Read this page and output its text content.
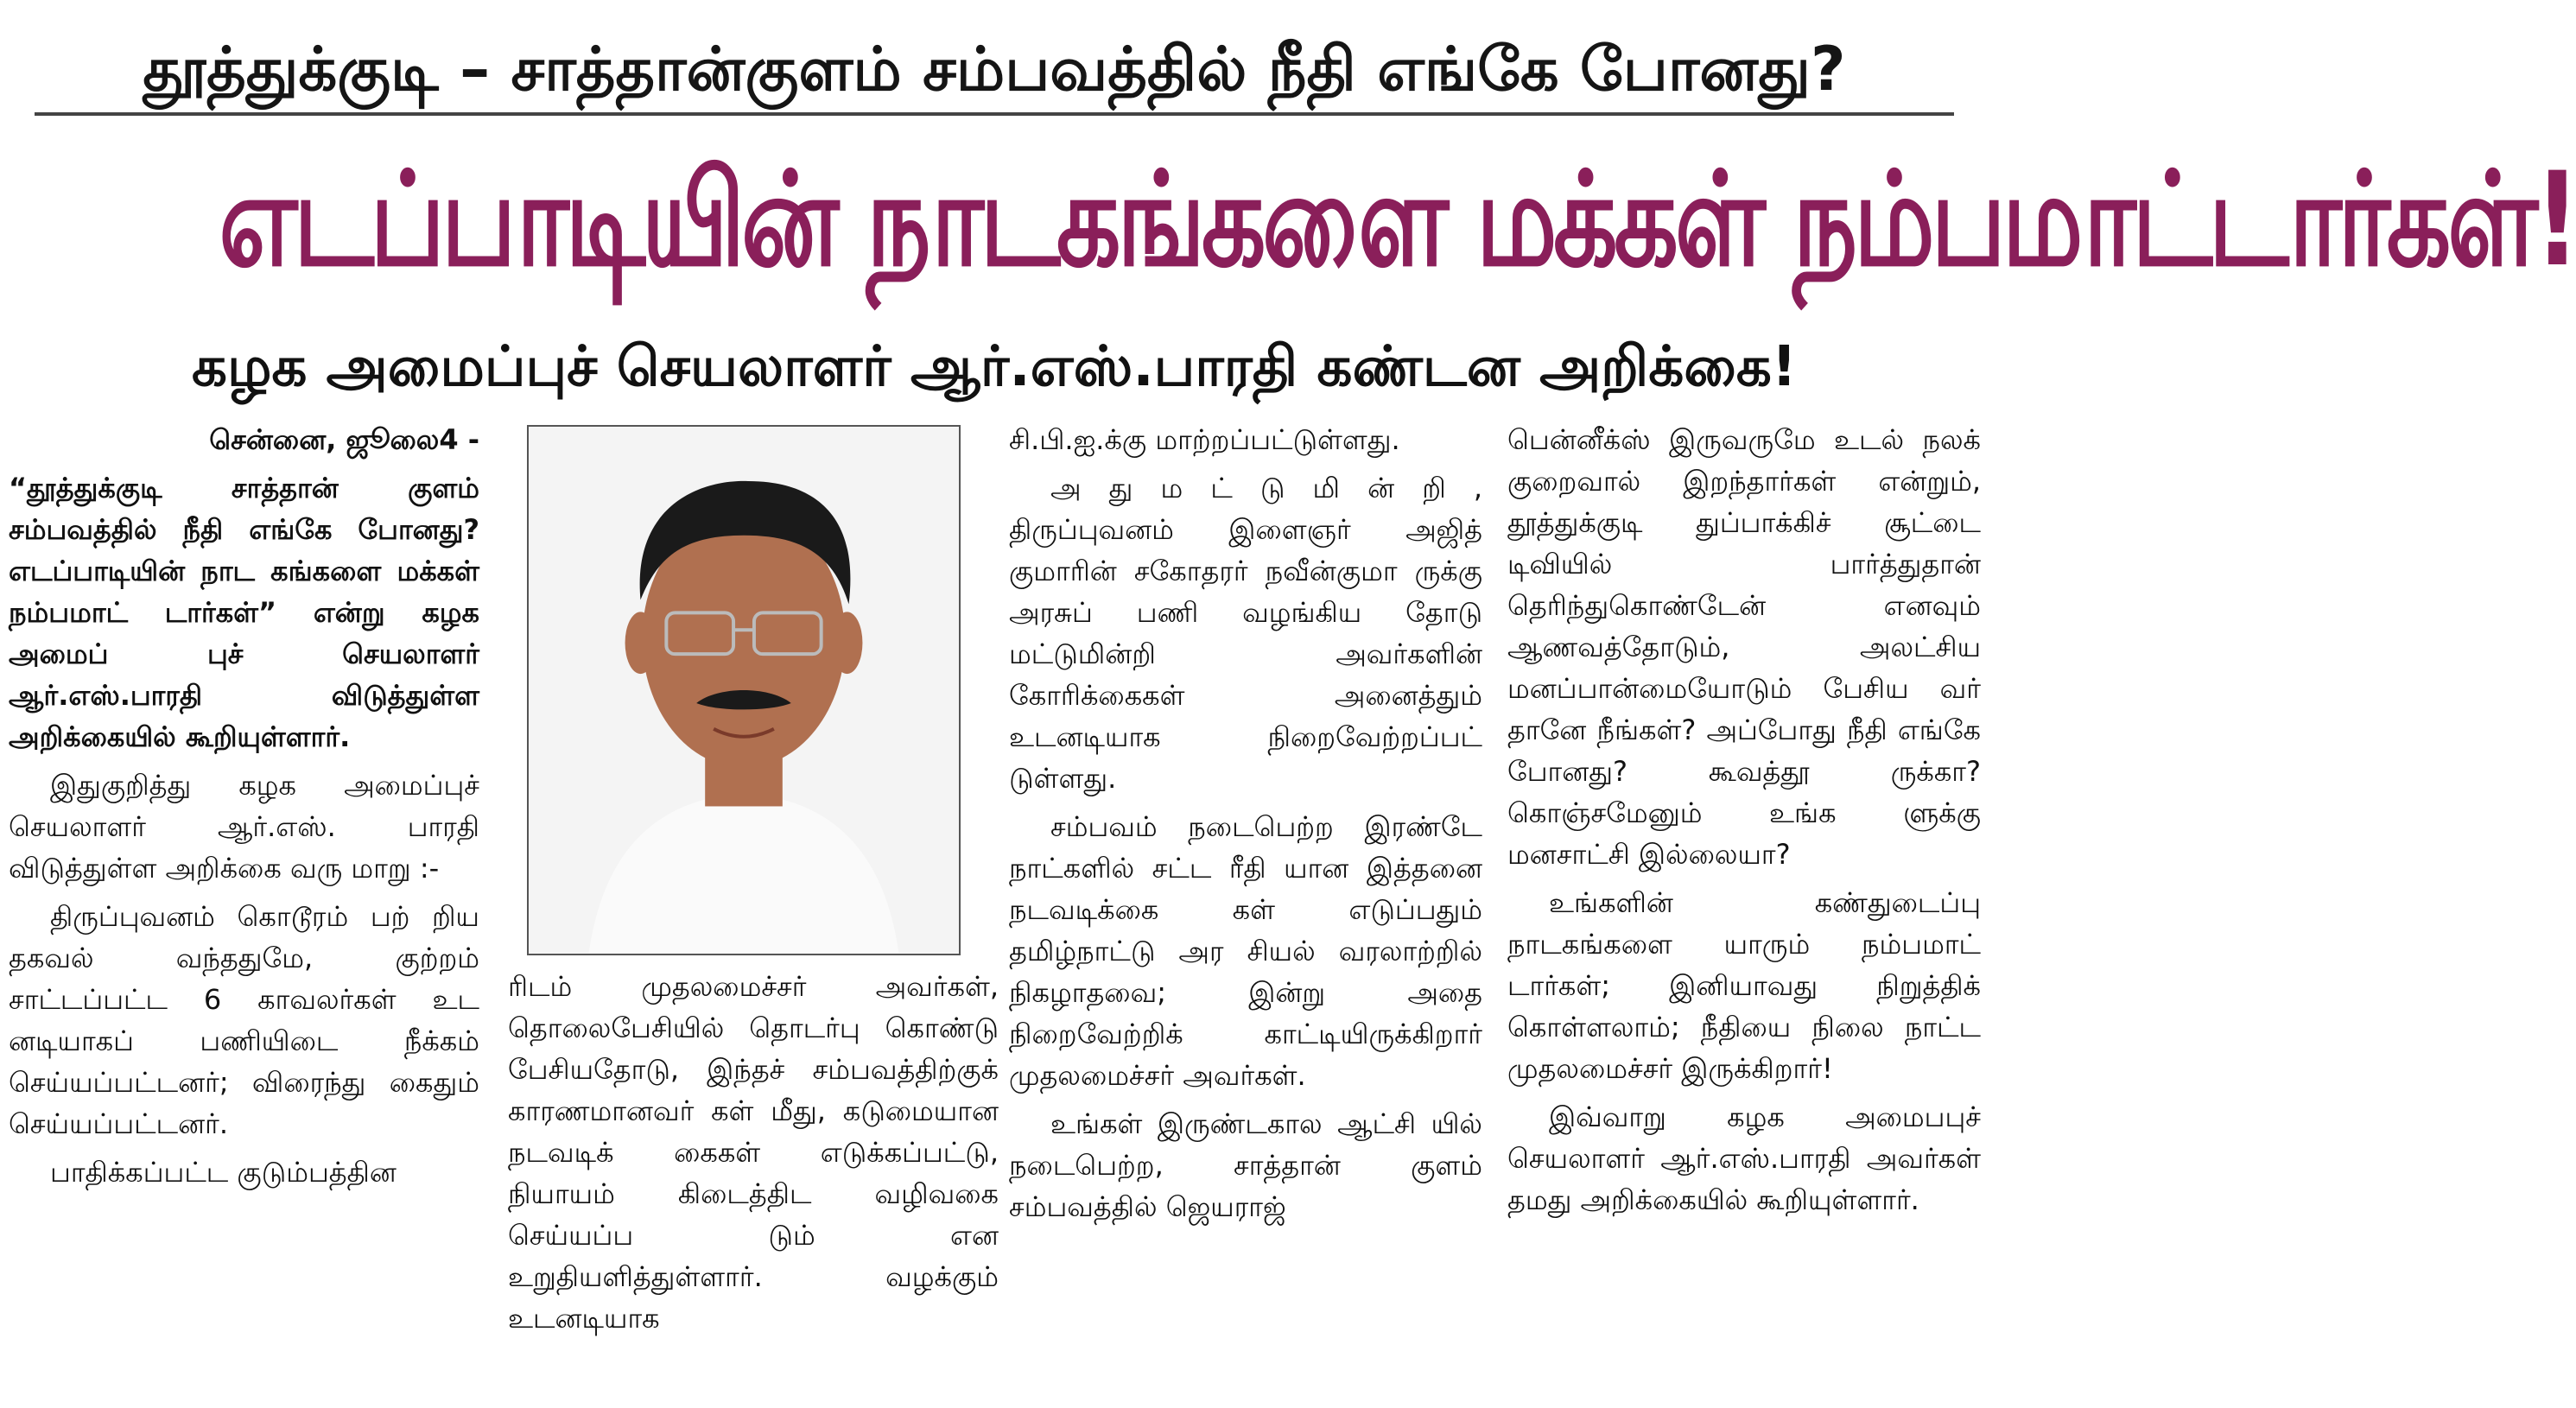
தூத்துக்குடி – சாத்தான்குளம் சம்பவத்தில் நீதி எங்கே போனது?
எடப்பாடியின் நாடகங்களை மக்கள் நம்பமாட்டார்கள்!
கழக அமைப்புச் செயலாளர் ஆர்.எஸ்.பாரதி கண்டன அறிக்கை!
சென்னை, ஜூலை4 -

“தூத்துக்குடி சாத்தான் குளம் சம்பவத்தில் நீதி எங்கே போனது? எடப்பாடியின் நாட கங்களை மக்கள் நம்பமாட் டார்கள்” என்று கழக அமைப் புச் செயலாளர் ஆர்.எஸ்.பாரதி விடுத்துள்ள அறிக்கையில் கூறியுள்ளார்.

இதுகுறித்து கழக அமைப்புச் செயலாளர் ஆர்.எஸ். பாரதி விடுத்துள்ள அறிக்கை வரு மாறு :-

திருப்புவனம் கொடூரம் பற் றிய தகவல் வந்ததுமே, குற்றம் சாட்டப்பட்ட 6 காவலர்கள் உட னடியாகப் பணியிடை நீக்கம் செய்யப்பட்டனர்; விரைந்து கைதும் செய்யப்பட்டனர்.

பாதிக்கப்பட்ட குடும்பத்தின

ரிடம் முதலமைச்சர் அவர்கள், தொலைபேசியில் தொடர்பு கொண்டு பேசியதோடு, இந்தச் சம்பவத்திற்குக் காரணமானவர் கள் மீது, கடுமையான நடவடிக் கைகள் எடுக்கப்பட்டு, நியாயம் கிடைத்திட வழிவகை செய்யப்ப டும் என உறுதியளித்துள்ளார். வழக்கும் உடனடியாக

சி.பி.ஐ.க்கு மாற்றப்பட்டுள்ளது.

அ து ம ட் டு மி ன் றி , திருப்புவனம் இளைஞர் அஜித் குமாரின் சகோதரர் நவீன்குமா ருக்கு அரசுப் பணி வழங்கிய தோடு மட்டுமின்றி அவர்களின் கோரிக்கைகள் அனைத்தும் உடனடியாக நிறைவேற்றப்பட் டுள்ளது.

சம்பவம் நடைபெற்ற இரண்டே நாட்களில் சட்ட ரீதி யான இத்தனை நடவடிக்கை கள் எடுப்பதும் தமிழ்நாட்டு அர சியல் வரலாற்றில் நிகழாதவை; இன்று அதை நிறைவேற்றிக் காட்டியிருக்கிறார் முதலமைச்சர் அவர்கள்.

உங்கள் இருண்டகால ஆட்சி யில் நடைபெற்ற, சாத்தான் குளம் சம்பவத்தில் ஜெயராஜ்

பென்னீக்ஸ் இருவருமே உடல் நலக் குறைவால் இறந்தார்கள் என்றும், தூத்துக்குடி துப்பாக்கிச் சூட்டை டிவியில் பார்த்துதான் தெரிந்துகொண்டேன் எனவும் ஆணவத்தோடும், அலட்சிய மனப்பான்மையோடும் பேசிய வர் தானே நீங்கள்? அப்போது நீதி எங்கே போனது? கூவத்தூ ருக்கா? கொஞ்சமேனும் உங்க ளுக்கு மனசாட்சி இல்லையா?

உங்களின் கண்துடைப்பு நாடகங்களை யாரும் நம்பமாட் டார்கள்; இனியாவது நிறுத்திக் கொள்ளலாம்; நீதியை நிலை நாட்ட முதலமைச்சர் இருக்கிறார்!

இவ்வாறு கழக அமைபபுச் செயலாளர் ஆர்.எஸ்.பாரதி அவர்கள் தமது அறிக்கையில் கூறியுள்ளார்.
